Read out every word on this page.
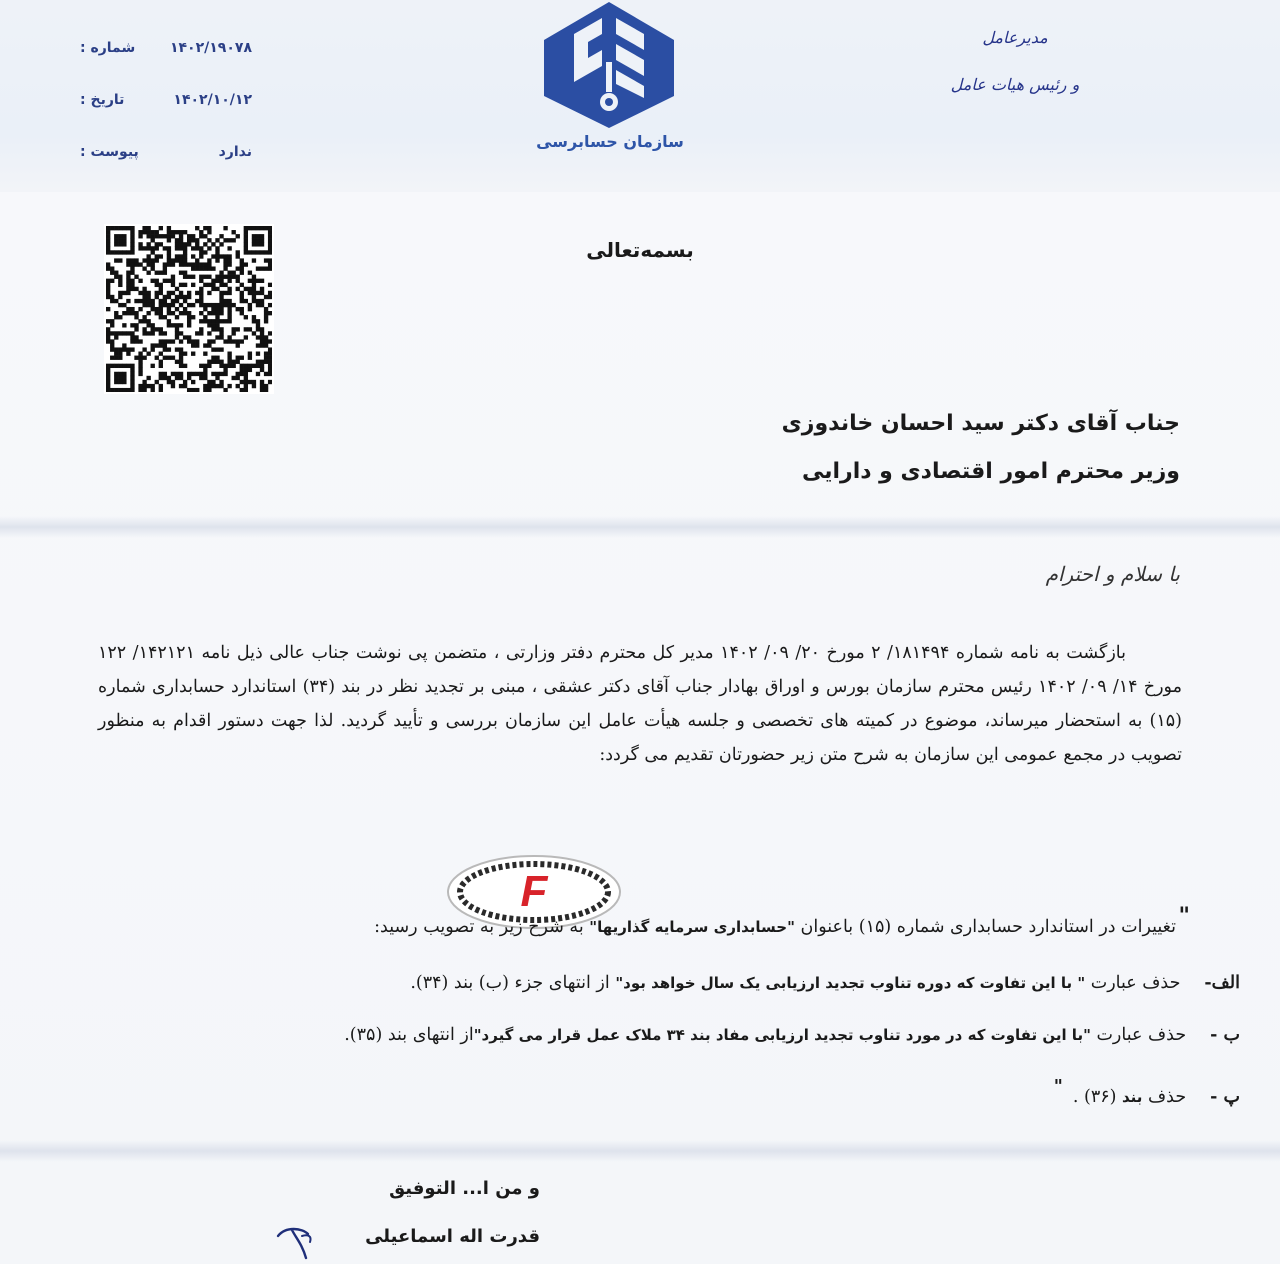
۱۴۰۲/۱۹۰۷۸
شماره :
۱۴۰۲/۱۰/۱۲
تاریخ :
ندارد
پیوست :
سازمان حسابرسی
مدیرعامل
و رئیس هیات عامل
بسمه‌تعالی
جناب آقای دکتر سید احسان خاندوزی
وزیر محترم امور اقتصادی و دارایی
با سلام و احترام

بازگشت به نامه شماره ۱۸۱۴۹۴/ ۲ مورخ ۲۰/ ۰۹/ ۱۴۰۲ مدیر کل محترم دفتر وزارتی ، متضمن پی نوشت جناب عالی ذیل نامه ۱۴۲۱۲۱/ ۱۲۲ مورخ ۱۴/ ۰۹/ ۱۴۰۲ رئیس محترم سازمان بورس و اوراق بهادار جناب آقای دکتر عشقی ، مبنی بر تجدید نظر در بند (۳۴) استاندارد حسابداری شماره (۱۵) به استحضار میرساند، موضوع در کمیته های تخصصی و جلسه هیأت عامل این سازمان بررسی و تأیید گردید. لذا جهت دستور اقدام به منظور تصویب در مجمع عمومی این سازمان به شرح متن زیر حضورتان تقدیم می گردد:

F
"
تغییرات در استاندارد حسابداری شماره (۱۵) باعنوان "حسابداری سرمایه گذاریها" به شرح زیر به تصویب رسید:
الف-حذف عبارت " با این تفاوت که دوره تناوب تجدید ارزیابی یک سال خواهد بود" از انتهای جزء (ب) بند (۳۴).
ب -حذف عبارت "با این تفاوت که در مورد تناوب تجدید ارزیابی مفاد بند ۳۴ ملاک عمل قرار می گیرد"از انتهای بند (۳۵).
پ -حذف بند (۳۶) ."
و من ا... التوفیق
قدرت اله اسماعیلی
